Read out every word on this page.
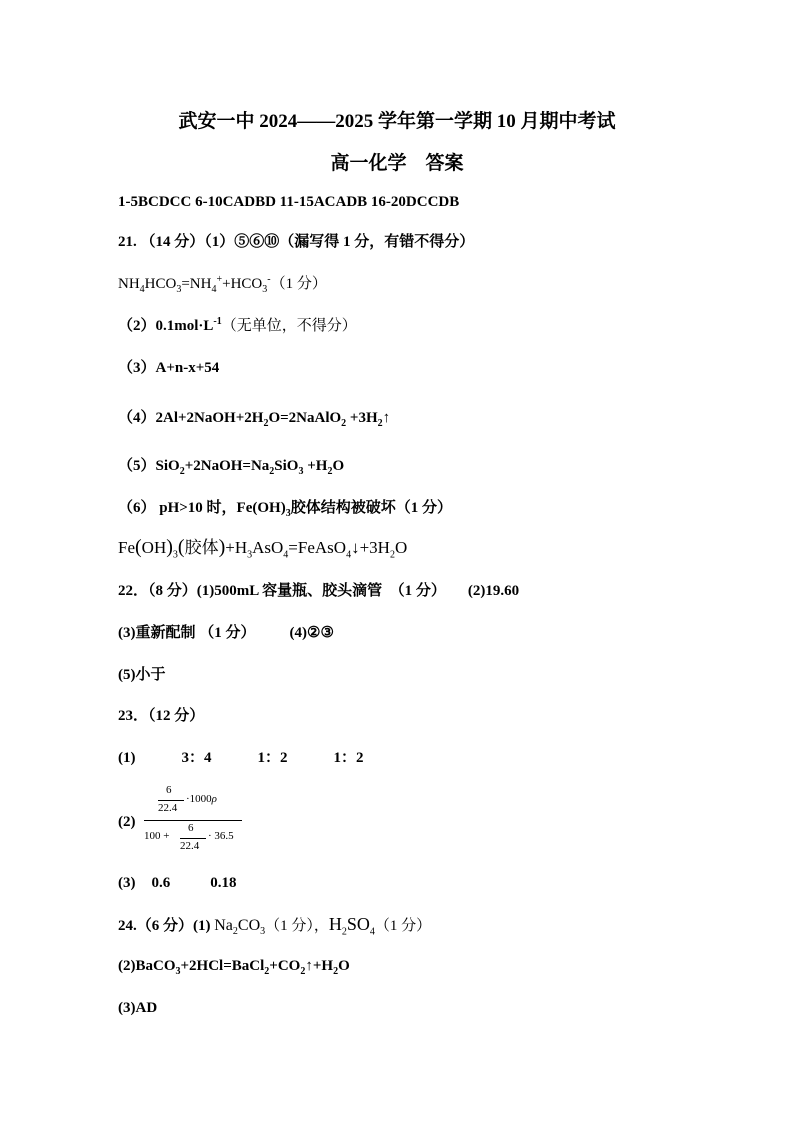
武安一中 2024——2025 学年第一学期 10 月期中考试
高一化学　答案
1-5BCDCC 6-10CADBD 11-15ACADB 16-20DCCDB
21. （14 分）（1）⑤⑥⑩（漏写得 1 分，有错不得分）
$NH_4HCO_3=NH_4^++HCO_3^-(1$ 分）
$(2)0.1mol\cdot L^{-1}$（无单位，不得分）
（3）A+n-x+54
$(4)2Al+2NaOH+2H_2O=2NaAlO_2$ $+3H_2↑$
$(5)SiO_2+2NaOH=Na_2SiO_3 +H_2O$
（6） pH>10 时，$Fe(OH)_3$胶体结构被破坏（1 分）
$Fe(OH)_3$(胶体)$+H_3AsO_4=FeAsO_4↓+3H_2O$
22．（8 分）(1)500mL 容量瓶、胶头滴管　（1 分） (2)19.60
(3)重新配制 （1 分） (4)②③
(5)小于
23．（12 分）
(1)	3：4	1：2	1：2
(2)
6
22.4
·1000ρ
100 +
6
22.4
· 36.5
(3) 0.6	0.18
24.（6 分）(1) $Na_2CO_3(1$ 分），$H_2SO_4(1$ 分）
$(2)BaCO_3+2HCl=BaCl_2+CO_2↑+H_2O$
(3)AD
